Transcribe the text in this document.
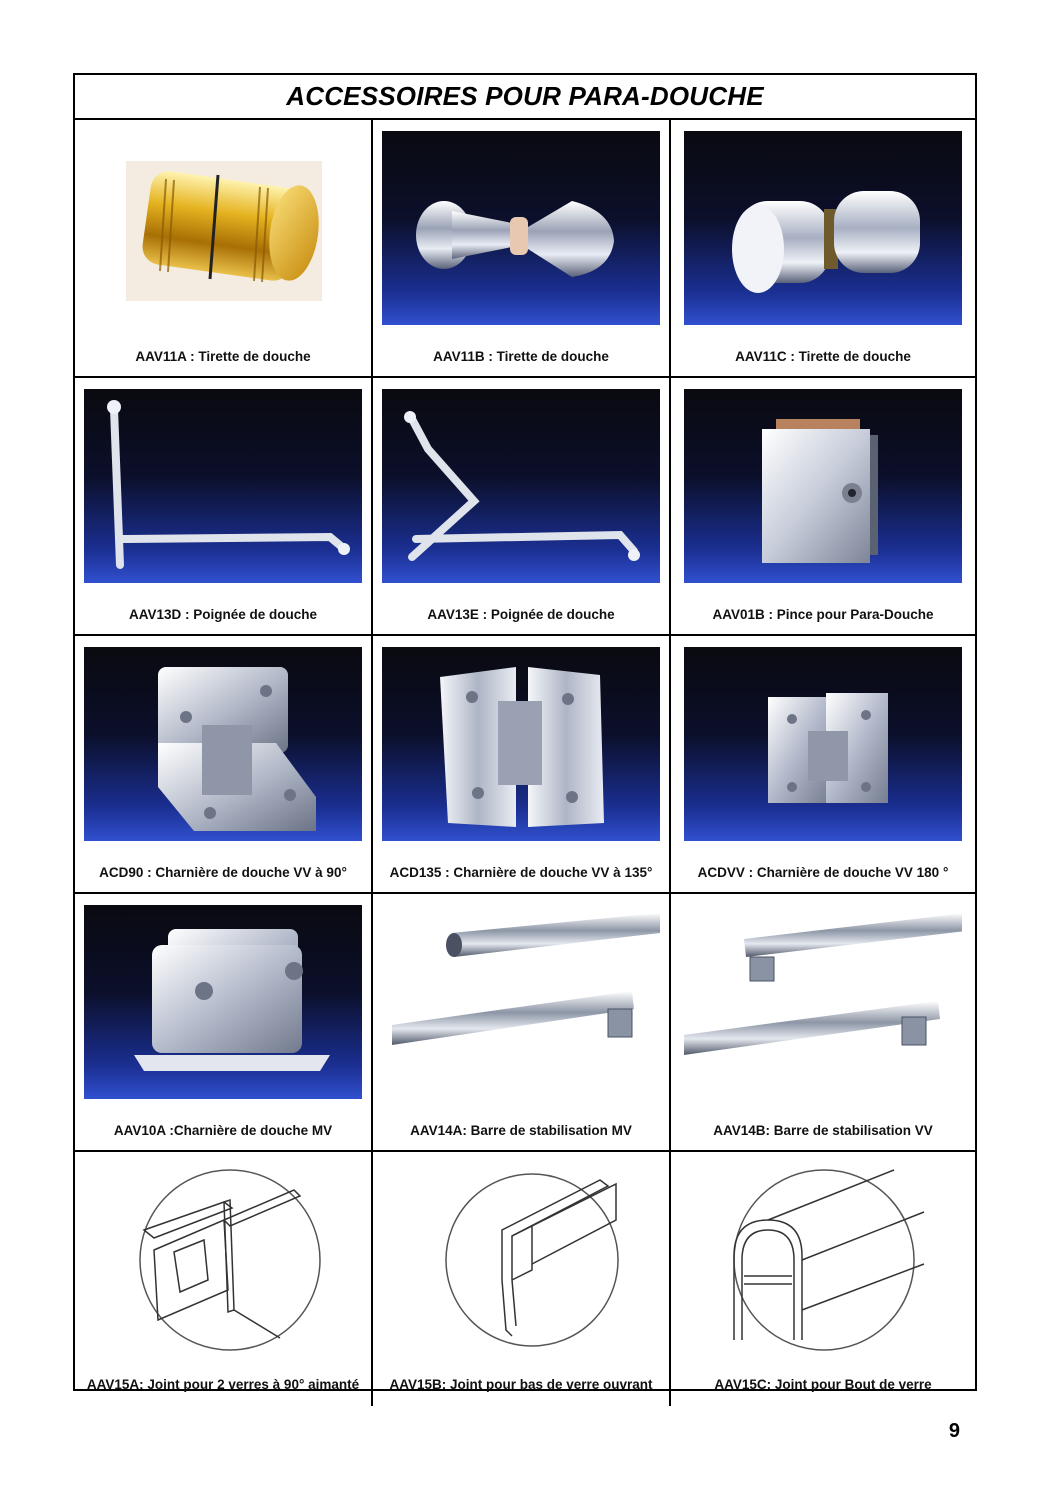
ACCESSOIRES POUR PARA-DOUCHE
AAV11A : Tirette de douche	AAV11B : Tirette de douche	AAV11C : Tirette de douche
AAV13D : Poignée de douche	AAV13E : Poignée de douche	AAV01B : Pince pour Para-Douche
ACD90 : Charnière de douche VV à 90°	ACD135 : Charnière de douche VV à 135°	ACDVV : Charnière de douche VV 180 °
AAV10A :Charnière de douche MV	AAV14A: Barre de stabilisation MV	AAV14B: Barre de stabilisation VV
AAV15A: Joint pour 2 verres à 90° aimanté	AAV15B: Joint pour bas de verre ouvrant	AAV15C: Joint pour Bout de verre
9
